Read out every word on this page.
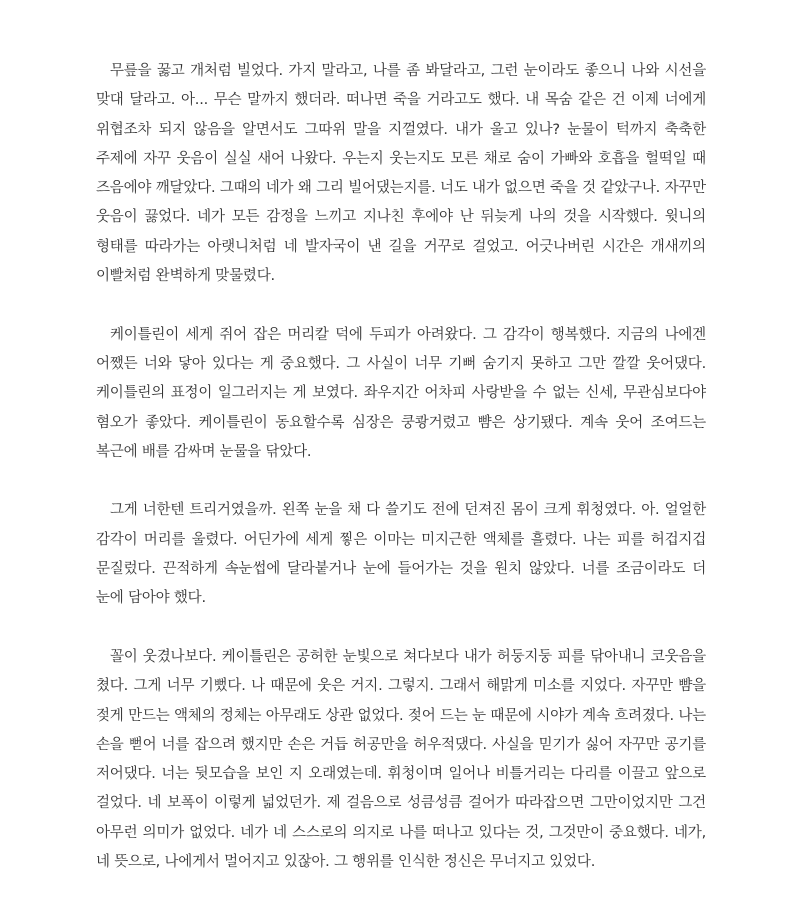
무릎을 꿇고 개처럼 빌었다. 가지 말라고, 나를 좀 봐달라고, 그런 눈이라도 좋으니 나와 시선을 맞대 달라고. 아... 무슨 말까지 했더라. 떠나면 죽을 거라고도 했다. 내 목숨 같은 건 이제 너에게 위협조차 되지 않음을 알면서도 그따위 말을 지껄였다. 내가 울고 있나? 눈물이 턱까지 축축한 주제에 자꾸 웃음이 실실 새어 나왔다. 우는지 웃는지도 모른 채로 숨이 가빠와 호흡을 헐떡일 때 즈음에야 깨달았다. 그때의 네가 왜 그리 빌어댔는지를. 너도 내가 없으면 죽을 것 같았구나. 자꾸만 웃음이 끓었다. 네가 모든 감정을 느끼고 지나친 후에야 난 뒤늦게 나의 것을 시작했다. 윗니의 형태를 따라가는 아랫니처럼 네 발자국이 낸 길을 거꾸로 걸었고. 어긋나버린 시간은 개새끼의 이빨처럼 완벽하게 맞물렸다.

케이틀린이 세게 쥐어 잡은 머리칼 덕에 두피가 아려왔다. 그 감각이 행복했다. 지금의 나에겐 어쨌든 너와 닿아 있다는 게 중요했다. 그 사실이 너무 기뻐 숨기지 못하고 그만 깔깔 웃어댔다. 케이틀린의 표정이 일그러지는 게 보였다. 좌우지간 어차피 사랑받을 수 없는 신세, 무관심보다야 혐오가 좋았다. 케이틀린이 동요할수록 심장은 쿵쾅거렸고 뺨은 상기됐다. 계속 웃어 조여드는 복근에 배를 감싸며 눈물을 닦았다.

그게 너한텐 트리거였을까. 왼쪽 눈을 채 다 쓸기도 전에 던져진 몸이 크게 휘청였다. 아. 얼얼한 감각이 머리를 울렸다. 어딘가에 세게 찧은 이마는 미지근한 액체를 흘렸다. 나는 피를 허겁지겁 문질렀다. 끈적하게 속눈썹에 달라붙거나 눈에 들어가는 것을 원치 않았다. 너를 조금이라도 더 눈에 담아야 했다.

꼴이 웃겼나보다. 케이틀린은 공허한 눈빛으로 쳐다보다 내가 허둥지둥 피를 닦아내니 코웃음을 쳤다. 그게 너무 기뻤다. 나 때문에 웃은 거지. 그렇지. 그래서 해맑게 미소를 지었다. 자꾸만 뺨을 젖게 만드는 액체의 정체는 아무래도 상관 없었다. 젖어 드는 눈 때문에 시야가 계속 흐려졌다. 나는 손을 뻗어 너를 잡으려 했지만 손은 거듭 허공만을 허우적댔다. 사실을 믿기가 싫어 자꾸만 공기를 저어댔다. 너는 뒷모습을 보인 지 오래였는데. 휘청이며 일어나 비틀거리는 다리를 이끌고 앞으로 걸었다. 네 보폭이 이렇게 넓었던가. 제 걸음으로 성큼성큼 걸어가 따라잡으면 그만이었지만 그건 아무런 의미가 없었다. 네가 네 스스로의 의지로 나를 떠나고 있다는 것, 그것만이 중요했다. 네가, 네 뜻으로, 나에게서 멀어지고 있잖아. 그 행위를 인식한 정신은 무너지고 있었다.
